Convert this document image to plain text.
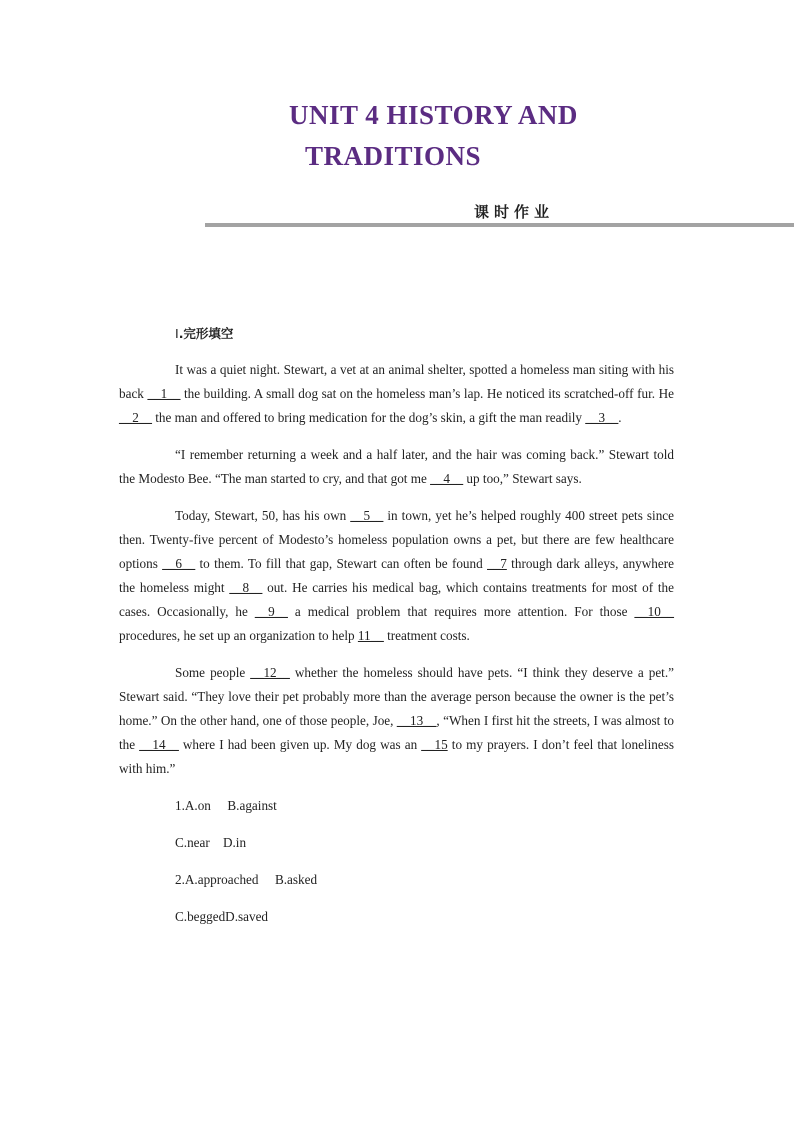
UNIT 4 HISTORY AND
TRADITIONS
课时作业
Ⅰ.完形填空

It was a quiet night. Stewart, a vet at an animal shelter, spotted a homeless man siting with his back __1__ the building. A small dog sat on the homeless man’s lap. He noticed its scratched-off fur. He __2__ the man and offered to bring medication for the dog’s skin, a gift the man readily __3__.

“I remember returning a week and a half later, and the hair was coming back.” Stewart told the Modesto Bee. “The man started to cry, and that got me __4__ up too,” Stewart says.

Today, Stewart, 50, has his own __5__ in town, yet he’s helped roughly 400 street pets since then. Twenty-five percent of Modesto’s homeless population owns a pet, but there are few healthcare options __6__ to them. To fill that gap, Stewart can often be found __7 through dark alleys, anywhere the homeless might __8__ out. He carries his medical bag, which contains treatments for most of the cases. Occasionally, he __9__ a medical problem that requires more attention. For those __10__ procedures, he set up an organization to help 11__ treatment costs.

Some people __12__ whether the homeless should have pets. “I think they deserve a pet.” Stewart said. “They love their pet probably more than the average person because the owner is the pet’s home.” On the other hand, one of those people, Joe, __13__, “When I first hit the streets, I was almost to the __14__ where I had been given up. My dog was an __15 to my prayers. I don’t feel that loneliness with him.”

1.A.on     B.against
C.near    D.in
2.A.approached     B.asked
C.beggedD.saved
